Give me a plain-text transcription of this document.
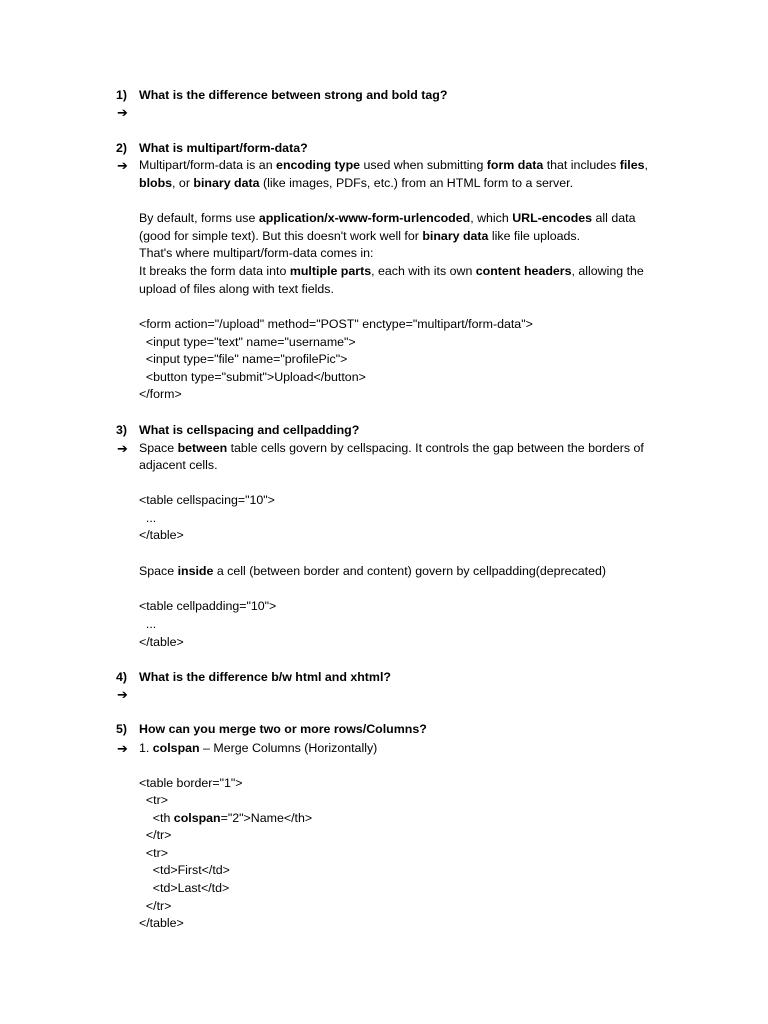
1) What is the difference between strong and bold tag?
➔
2) What is multipart/form-data?
➔ Multipart/form-data is an encoding type used when submitting form data that includes files,
blobs, or binary data (like images, PDFs, etc.) from an HTML form to a server.
By default, forms use application/x-www-form-urlencoded, which URL-encodes all data
(good for simple text). But this doesn't work well for binary data like file uploads.
That's where multipart/form-data comes in:
It breaks the form data into multiple parts, each with its own content headers, allowing the
upload of files along with text fields.
<form action="/upload" method="POST" enctype="multipart/form-data">
<input type="text" name="username">
<input type="file" name="profilePic">
<button type="submit">Upload</button>
</form>
3) What is cellspacing and cellpadding?
➔ Space between table cells govern by cellspacing. It controls the gap between the borders of
adjacent cells.
<table cellspacing="10">
...
</table>
Space inside a cell (between border and content) govern by cellpadding(deprecated)
<table cellpadding="10">
...
</table>
4) What is the difference b/w html and xhtml?
➔
5) How can you merge two or more rows/Columns?
➔ 1. colspan – Merge Columns (Horizontally)
<table border="1">
<tr>
<th colspan="2">Name</th>
</tr>
<tr>
<td>First</td>
<td>Last</td>
</tr>
</table>
